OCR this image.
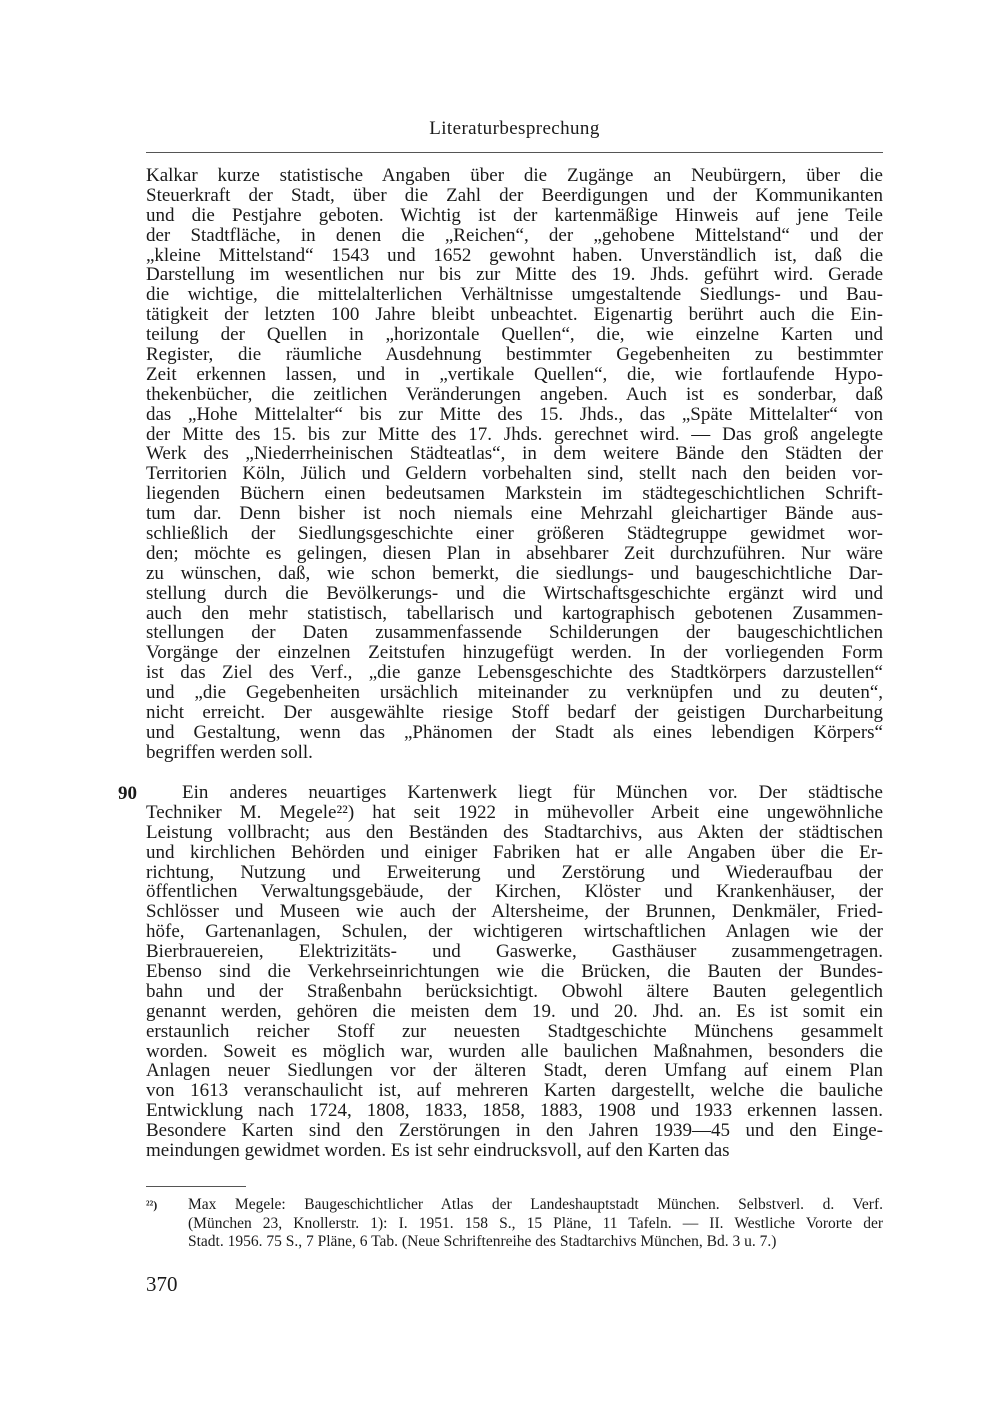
Literaturbesprechung
Kalkar kurze statistische Angaben über die Zugänge an Neubürgern, über die
Steuerkraft der Stadt, über die Zahl der Beerdigungen und der Kommunikanten
und die Pestjahre geboten. Wichtig ist der kartenmäßige Hinweis auf jene Teile
der Stadtfläche, in denen die „Reichen“, der „gehobene Mittelstand“ und der
„kleine Mittelstand“ 1543 und 1652 gewohnt haben. Unverständlich ist, daß die
Darstellung im wesentlichen nur bis zur Mitte des 19. Jhds. geführt wird. Gerade
die wichtige, die mittelalterlichen Verhältnisse umgestaltende Siedlungs- und Bau-
tätigkeit der letzten 100 Jahre bleibt unbeachtet. Eigenartig berührt auch die Ein-
teilung der Quellen in „horizontale Quellen“, die, wie einzelne Karten und
Register, die räumliche Ausdehnung bestimmter Gegebenheiten zu bestimmter
Zeit erkennen lassen, und in „vertikale Quellen“, die, wie fortlaufende Hypo-
thekenbücher, die zeitlichen Veränderungen angeben. Auch ist es sonderbar, daß
das „Hohe Mittelalter“ bis zur Mitte des 15. Jhds., das „Späte Mittelalter“ von
der Mitte des 15. bis zur Mitte des 17. Jhds. gerechnet wird. — Das groß angelegte
Werk des „Niederrheinischen Städteatlas“, in dem weitere Bände den Städten der
Territorien Köln, Jülich und Geldern vorbehalten sind, stellt nach den beiden vor-
liegenden Büchern einen bedeutsamen Markstein im städtegeschichtlichen Schrift-
tum dar. Denn bisher ist noch niemals eine Mehrzahl gleichartiger Bände aus-
schließlich der Siedlungsgeschichte einer größeren Städtegruppe gewidmet wor-
den; möchte es gelingen, diesen Plan in absehbarer Zeit durchzuführen. Nur wäre
zu wünschen, daß, wie schon bemerkt, die siedlungs- und baugeschichtliche Dar-
stellung durch die Bevölkerungs- und die Wirtschaftsgeschichte ergänzt wird und
auch den mehr statistisch, tabellarisch und kartographisch gebotenen Zusammen-
stellungen der Daten zusammenfassende Schilderungen der baugeschichtlichen
Vorgänge der einzelnen Zeitstufen hinzugefügt werden. In der vorliegenden Form
ist das Ziel des Verf., „die ganze Lebensgeschichte des Stadtkörpers darzustellen“
und „die Gegebenheiten ursächlich miteinander zu verknüpfen und zu deuten“,
nicht erreicht. Der ausgewählte riesige Stoff bedarf der geistigen Durcharbeitung
und Gestaltung, wenn das „Phänomen der Stadt als eines lebendigen Körpers“
begriffen werden soll.
90	Ein anderes neuartiges Kartenwerk liegt für München vor. Der städtische
Techniker M. Megele²²) hat seit 1922 in mühevoller Arbeit eine ungewöhnliche
Leistung vollbracht; aus den Beständen des Stadtarchivs, aus Akten der städtischen
und kirchlichen Behörden und einiger Fabriken hat er alle Angaben über die Er-
richtung, Nutzung und Erweiterung und Zerstörung und Wiederaufbau der
öffentlichen Verwaltungsgebäude, der Kirchen, Klöster und Krankenhäuser, der
Schlösser und Museen wie auch der Altersheime, der Brunnen, Denkmäler, Fried-
höfe, Gartenanlagen, Schulen, der wichtigeren wirtschaftlichen Anlagen wie der
Bierbrauereien, Elektrizitäts- und Gaswerke, Gasthäuser zusammengetragen.
Ebenso sind die Verkehrseinrichtungen wie die Brücken, die Bauten der Bundes-
bahn und der Straßenbahn berücksichtigt. Obwohl ältere Bauten gelegentlich
genannt werden, gehören die meisten dem 19. und 20. Jhd. an. Es ist somit ein
erstaunlich reicher Stoff zur neuesten Stadtgeschichte Münchens gesammelt
worden. Soweit es möglich war, wurden alle baulichen Maßnahmen, besonders die
Anlagen neuer Siedlungen vor der älteren Stadt, deren Umfang auf einem Plan
von 1613 veranschaulicht ist, auf mehreren Karten dargestellt, welche die bauliche
Entwicklung nach 1724, 1808, 1833, 1858, 1883, 1908 und 1933 erkennen lassen.
Besondere Karten sind den Zerstörungen in den Jahren 1939—45 und den Einge-
meindungen gewidmet worden. Es ist sehr eindrucksvoll, auf den Karten das
²²) Max Megele: Baugeschichtlicher Atlas der Landeshauptstadt München. Selbstverl. d. Verf.
(München 23, Knollerstr. 1): I. 1951. 158 S., 15 Pläne, 11 Tafeln. — II. Westliche Vororte der
Stadt. 1956. 75 S., 7 Pläne, 6 Tab. (Neue Schriftenreihe des Stadtarchivs München, Bd. 3 u. 7.)
370
